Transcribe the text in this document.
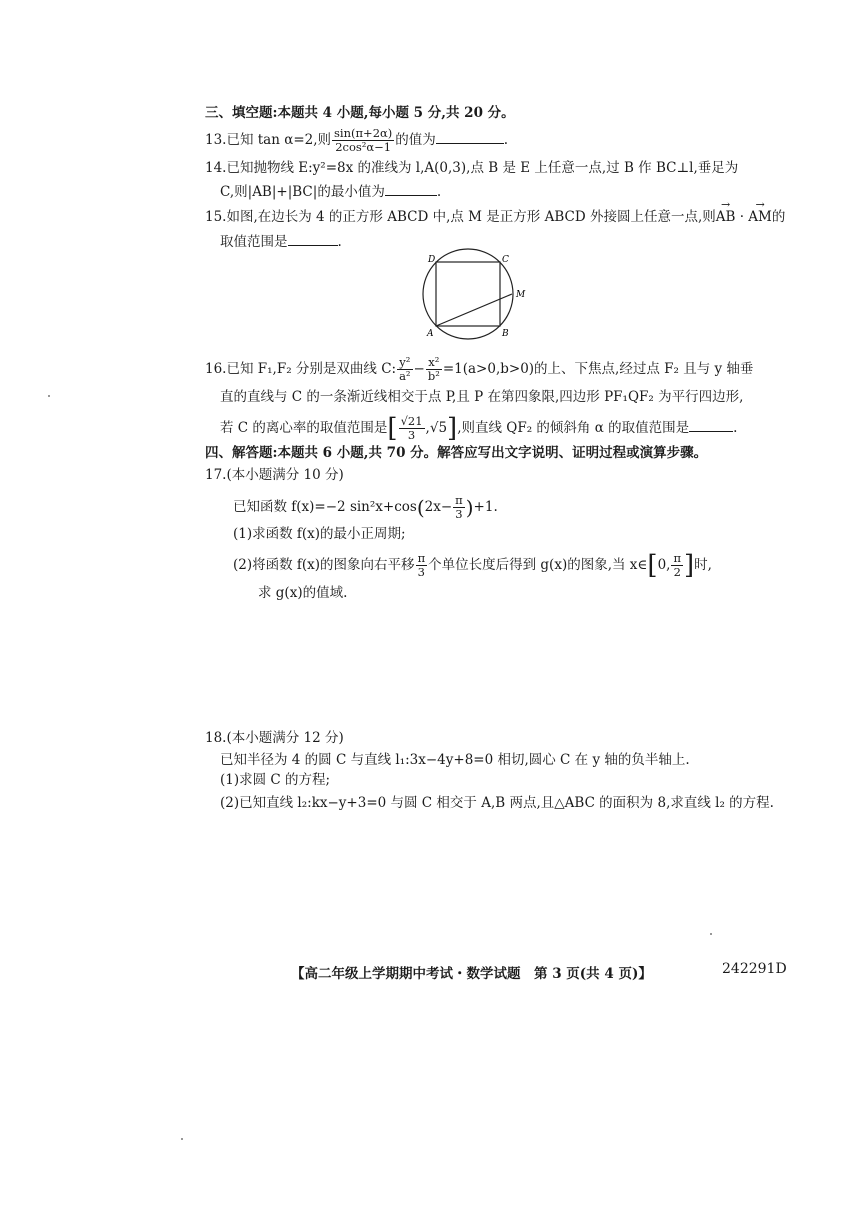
三、填空题:本题共 4 小题,每小题 5 分,共 20 分。
13.已知 tan α=2,则 $\frac{\sin(\pi+2\alpha)}{\text{2cos²α−1}}$ 的值为	.
14.已知抛物线 E:y²=8x 的准线为 l,A(0,3),点 B 是 E 上任意一点,过 B 作 BC⊥l,垂足为
C,则|AB|+|BC|的最小值为	.
15.如图,在边长为 4 的正方形 ABCD 中,点 M 是正方形 ABCD 外接圆上任意一点,则→ AB · → AM的
取值范围是	.
D	C
A	B
M
16.已知 F₁,F₂ 分别是双曲线 C: $\frac{\text{y²}}{\text{a²}} - \frac{\text{x²}}{\text{b²}} =1(a>0,b>0)$的上、下焦点,经过点 F₂ 且与 y 轴垂
直的直线与 C 的一条渐近线相交于点 P,且 P 在第四象限,四边形 PF₁QF₂ 为平行四边形,
若 C 的离心率的取值范围是[ $\frac{√21}{3} ,√5$],则直线 QF₂ 的倾斜角 α 的取值范围是	.
四、解答题:本题共 6 小题,共 70 分。解答应写出文字说明、证明过程或演算步骤。
17.(本小题满分 10 分)
已知函数 f(x)=−2 $\sin^2x+\cos(2x- \frac{\pi}{3} )+1$.
(1)求函数 f(x)的最小正周期;
(2)将函数 f(x)的图象向右平移 $\frac{\pi}{3}$ 个单位长度后得到 g(x)的图象,当 x∈[0, $\frac{\pi}{2}$ ]时,
求 g(x)的值域.
18.(本小题满分 12 分)
已知半径为 4 的圆 C 与直线 l₁:3x−4y+8=0 相切,圆心 C 在 y 轴的负半轴上.
(1)求圆 C 的方程;
(2)已知直线 l₂:kx−y+3=0 与圆 C 相交于 A,B 两点,且△ABC 的面积为 8,求直线 l₂ 的方程.
【高二年级上学期期中考试・数学试题　第 3 页(共 4 页)】	242291D
